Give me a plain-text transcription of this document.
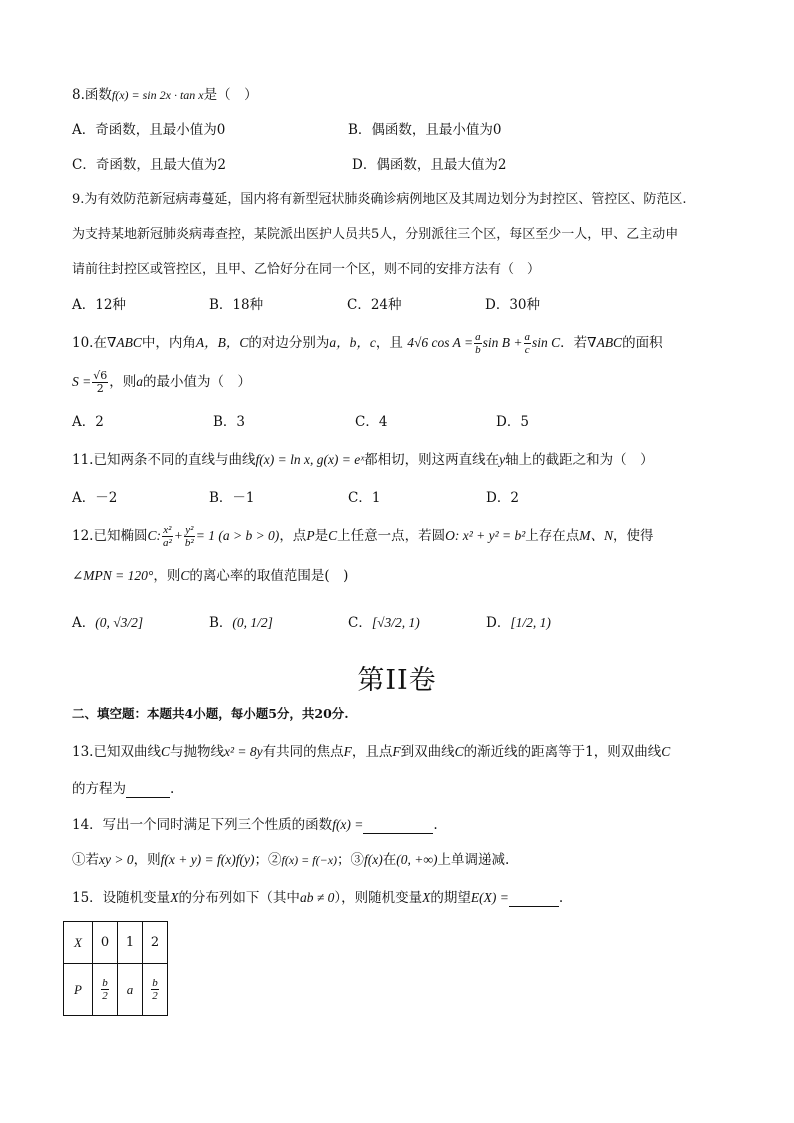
8.函数f(x) = sin 2x · tan x是（　）
A．奇函数，且最小值为0	B．偶函数，且最小值为0
C．奇函数，且最大值为2	D．偶函数，且最大值为2
9.为有效防范新冠病毒蔓延，国内将有新型冠状肺炎确诊病例地区及其周边划分为封控区、管控区、防范区.
为支持某地新冠肺炎病毒查控，某院派出医护人员共5人，分别派往三个区，每区至少一人，甲、乙主动申
请前往封控区或管控区，且甲、乙恰好分在同一个区，则不同的安排方法有（　）
A．12种	B．18种	C．24种	D．30种
10.在∇ABC中，内角A，B，C的对边分别为a，b，c，且 4√6 $\cos A = \frac{a}{b}$ $\sin B + \frac{a}{c}$ sin C．若∇ABC的面积
$S = \frac{√6}{2}$ ，则a的最小值为（　）
A．2	B．3	C．4	D．5
11.已知两条不同的直线与曲线f(x) = ln x, g(x) = eˣ都相切，则这两直线在y轴上的截距之和为（　）
A．－2	B．－1	C．1	D．2
12.已知椭圆C: $\frac{\text{x²}}{\text{a²}} + \frac{\text{y²}}{\text{b²}} = 1$ (a > b > 0)，点P是C上任意一点，若圆O: x² + y² = b²上存在点M、N，使得
∠MPN = 120°，则C的离心率的取值范围是(　)
A．(0, √3/2]	B．(0, 1/2]	C．[√3/2, 1)	D．[1/2, 1)
第II卷
二、填空题：本题共4小题，每小题5分，共20分.
13.已知双曲线C与抛物线x² = 8y有共同的焦点F，且点F到双曲线C的渐近线的距离等于1，则双曲线C
的方程为	.
14．写出一个同时满足下列三个性质的函数f(x) =	.
①若xy > 0，则f(x + y) = f(x)f(y)；②f(x) = f(−x)；③f(x)在(0, +∞)上单调递减.
15．设随机变量X的分布列如下（其中ab ≠ 0），则随机变量X的期望E(X) =	.
X	0	1	2
P	$\frac{b}{2}$	a	$\frac{b}{2}$
